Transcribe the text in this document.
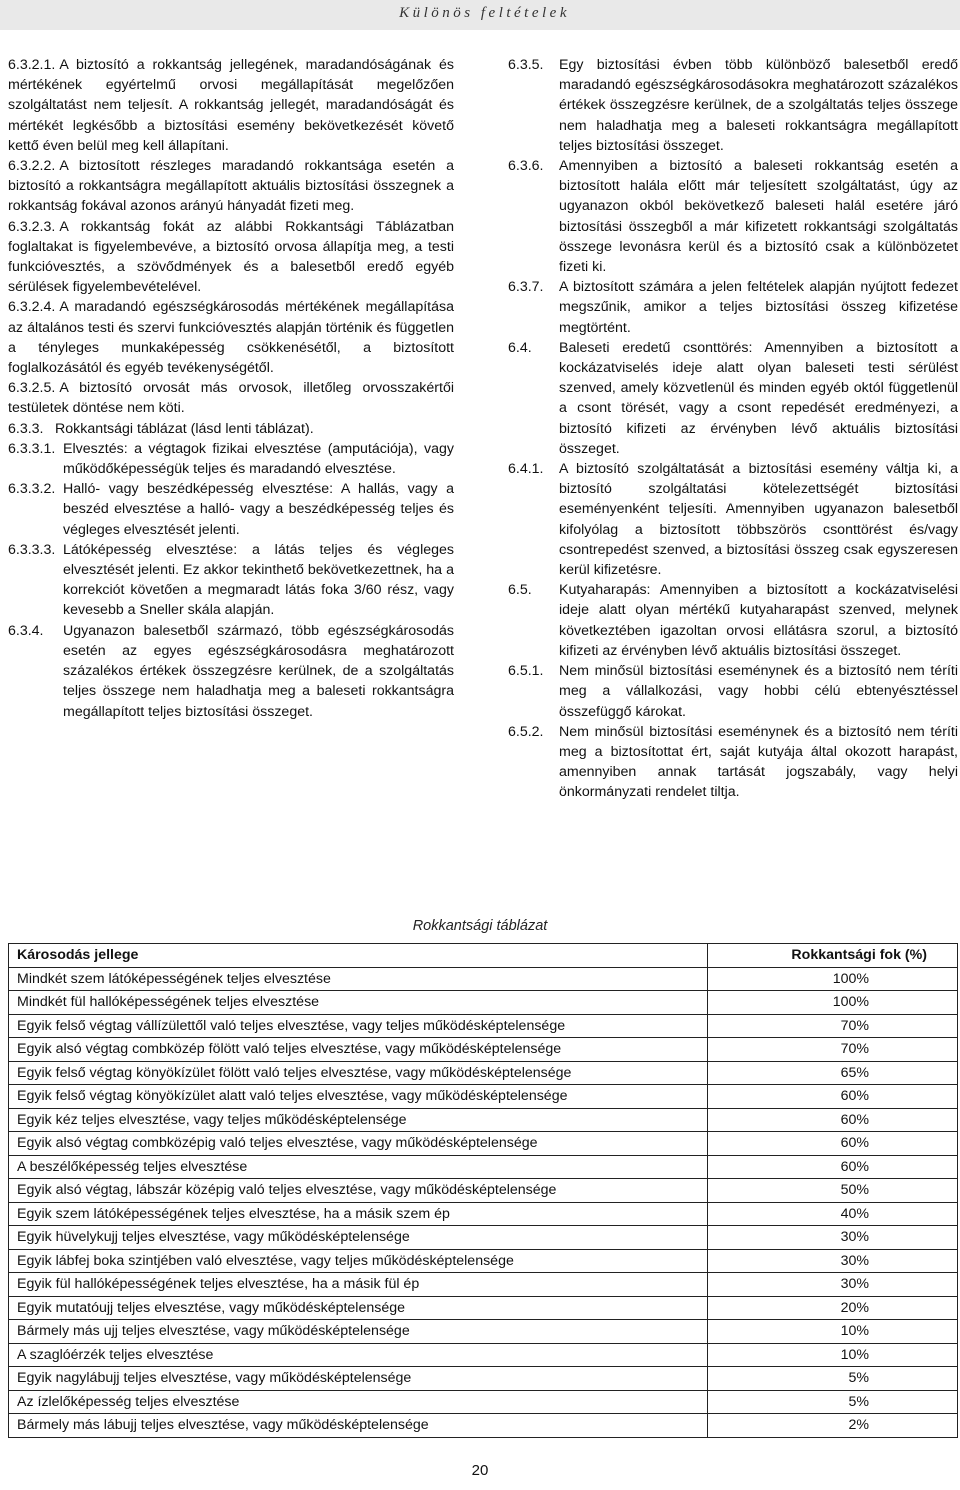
Különös feltételek

6.3.2.1. A biztosító a rokkantság jellegének, maradandóságának és mértékének egyértelmű orvosi megállapítását megelőzően szolgáltatást nem teljesít. A rokkantság jellegét, maradandóságát és mértékét legkésőbb a biztosítási esemény bekövetkezését követő kettő éven belül meg kell állapítani.

6.3.2.2. A biztosított részleges maradandó rokkantsága esetén a biztosító a rokkantságra megállapított aktuális biztosítási összegnek a rokkantság fokával azonos arányú hányadát fizeti meg.

6.3.2.3. A rokkantság fokát az alábbi Rokkantsági Táblázatban foglaltakat is figyelembevéve, a biztosító orvosa állapítja meg, a testi funkcióvesztés, a szövődmények és a balesetből eredő egyéb sérülések figyelembevételével.

6.3.2.4. A maradandó egészségkárosodás mértékének megállapítása az általános testi és szervi funkcióvesztés alapján történik és független a tényleges munkaképesség csökkenésétől, a biztosított foglalkozásától és egyéb tevékenységétől.

6.3.2.5. A biztosító orvosát más orvosok, illetőleg orvosszakértői testületek döntése nem köti.

6.3.3. Rokkantsági táblázat (lásd lenti táblázat).

6.3.3.1. Elvesztés: a végtagok fizikai elvesztése (amputációja), vagy működőképességük teljes és maradandó elvesztése.

6.3.3.2. Halló- vagy beszédképesség elvesztése: A hallás, vagy a beszéd elvesztése a halló- vagy a beszédképesség teljes és végleges elvesztését jelenti.

6.3.3.3. Látóképesség elvesztése: a látás teljes és végleges elvesztését jelenti. Ez akkor tekinthető bekövetkezettnek, ha a korrekciót követően a megmaradt látás foka 3/60 rész, vagy kevesebb a Sneller skála alapján.

6.3.4. Ugyanazon balesetből származó, több egészségkárosodás esetén az egyes egészségkárosodásra meghatározott százalékos értékek összegzésre kerülnek, de a szolgáltatás teljes összege nem haladhatja meg a baleseti rokkantságra megállapított teljes biztosítási összeget.

6.3.5. Egy biztosítási évben több különböző balesetből eredő maradandó egészségkárosodásokra meghatározott százalékos értékek összegzésre kerülnek, de a szolgáltatás teljes összege nem haladhatja meg a baleseti rokkantságra megállapított teljes biztosítási összeget.

6.3.6. Amennyiben a biztosító a baleseti rokkantság esetén a biztosított halála előtt már teljesített szolgáltatást, úgy az ugyanazon okból bekövetkező baleseti halál esetére járó biztosítási összegből a már kifizetett rokkantsági szolgáltatás összege levonásra kerül és a biztosító csak a különbözetet fizeti ki.

6.3.7. A biztosított számára a jelen feltételek alapján nyújtott fedezet megszűnik, amikor a teljes biztosítási összeg kifizetése megtörtént.

6.4. Baleseti eredetű csonttörés: Amennyiben a biztosított a kockázatviselés ideje alatt olyan baleseti testi sérülést szenved, amely közvetlenül és minden egyéb októl függetlenül a csont törését, vagy a csont repedését eredményezi, a biztosító kifizeti az érvényben lévő aktuális biztosítási összeget.

6.4.1. A biztosító szolgáltatását a biztosítási esemény váltja ki, a biztosító szolgáltatási kötelezettségét biztosítási eseményenként teljesíti. Amennyiben ugyanazon balesetből kifolyólag a biztosított többszörös csonttörést és/vagy csontrepedést szenved, a biztosítási összeg csak egyszeresen kerül kifizetésre.

6.5. Kutyaharapás: Amennyiben a biztosított a kockázatviselési ideje alatt olyan mértékű kutyaharapást szenved, melynek következtében igazoltan orvosi ellátásra szorul, a biztosító kifizeti az érvényben lévő aktuális biztosítási összeget.

6.5.1. Nem minősül biztosítási eseménynek és a biztosító nem téríti meg a vállalkozási, vagy hobbi célú ebtenyésztéssel összefüggő károkat.

6.5.2. Nem minősül biztosítási eseménynek és a biztosító nem téríti meg a biztosítottat ért, saját kutyája által okozott harapást, amennyiben annak tartását jogszabály, vagy helyi önkormányzati rendelet tiltja.

Rokkantsági táblázat
Károsodás jellege	Rokkantsági fok (%)
Mindkét szem látóképességének teljes elvesztése	100%
Mindkét fül hallóképességének teljes elvesztése	100%
Egyik felső végtag vállízülettől való teljes elvesztése, vagy teljes működésképtelensége	70%
Egyik alsó végtag combközép fölött való teljes elvesztése, vagy működésképtelensége	70%
Egyik felső végtag könyökízület fölött való teljes elvesztése, vagy működésképtelensége	65%
Egyik felső végtag könyökízület alatt való teljes elvesztése, vagy működésképtelensége	60%
Egyik kéz teljes elvesztése, vagy teljes működésképtelensége	60%
Egyik alsó végtag combközépig való teljes elvesztése, vagy működésképtelensége	60%
A beszélőképesség teljes elvesztése	60%
Egyik alsó végtag, lábszár középig való teljes elvesztése, vagy működésképtelensége	50%
Egyik szem látóképességének teljes elvesztése, ha a másik szem ép	40%
Egyik hüvelykujj teljes elvesztése, vagy működésképtelensége	30%
Egyik lábfej boka szintjében való elvesztése, vagy teljes működésképtelensége	30%
Egyik fül hallóképességének teljes elvesztése, ha a másik fül ép	30%
Egyik mutatóujj teljes elvesztése, vagy működésképtelensége	20%
Bármely más ujj teljes elvesztése, vagy működésképtelensége	10%
A szaglóérzék teljes elvesztése	10%
Egyik nagylábujj teljes elvesztése, vagy működésképtelensége	5%
Az ízlelőképesség teljes elvesztése	5%
Bármely más lábujj teljes elvesztése, vagy működésképtelensége	2%
20
